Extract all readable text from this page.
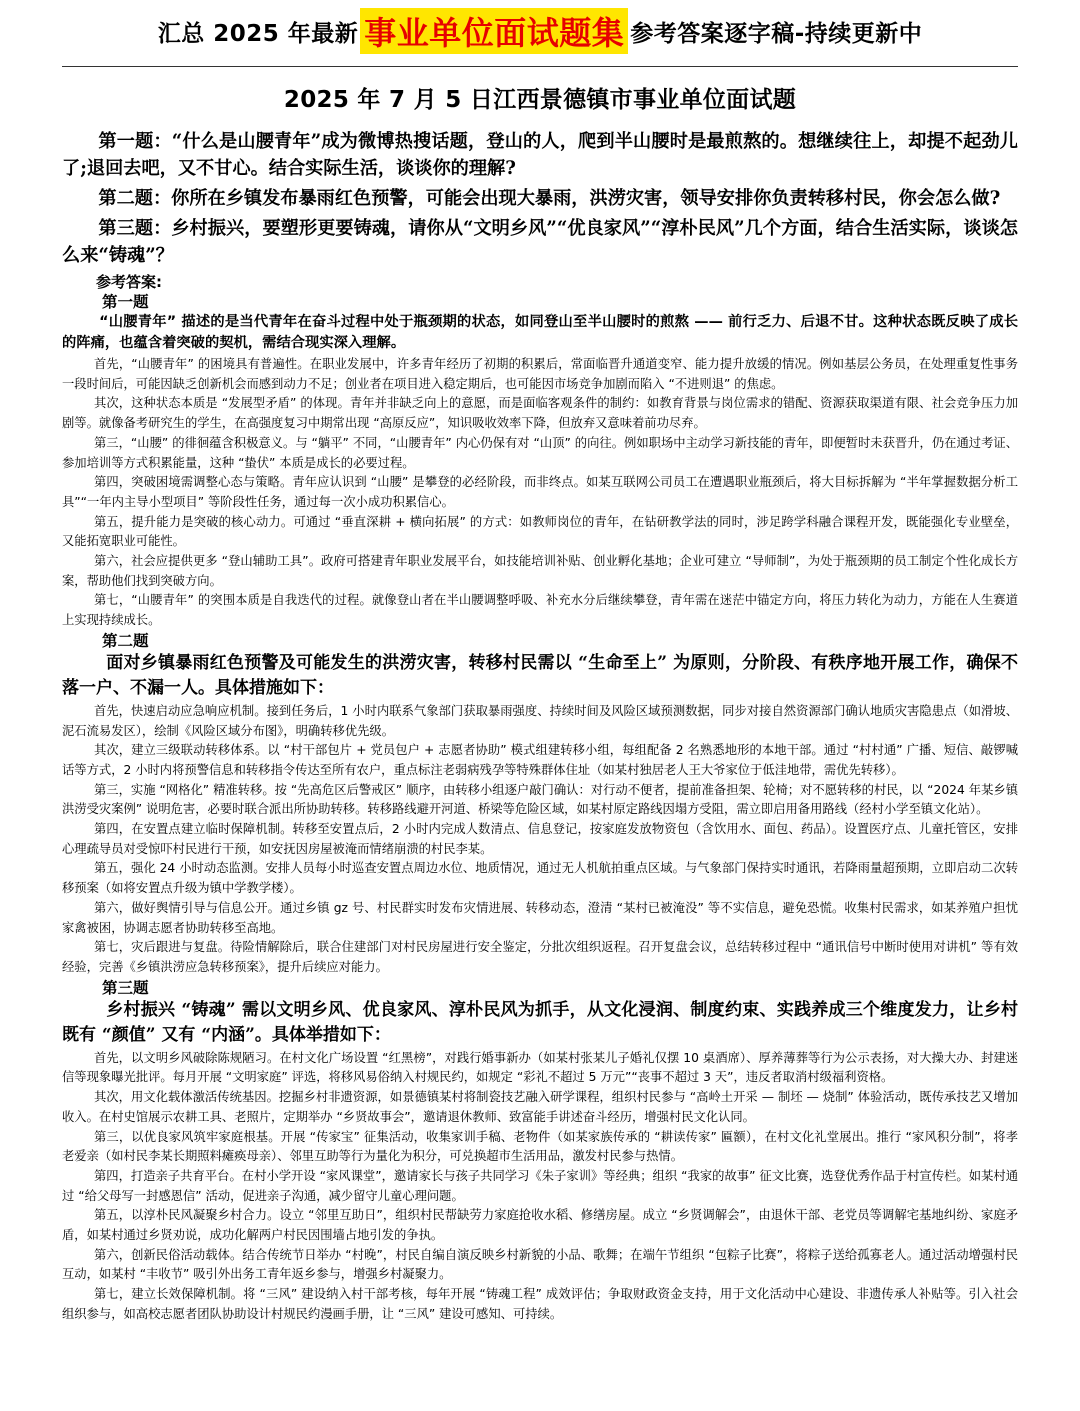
汇总 2025 年最新 事业单位面试题集 参考答案逐字稿-持续更新中
2025 年 7 月 5 日江西景德镇市事业单位面试题
第一题：“什么是山腰青年”成为微博热搜话题，登山的人，爬到半山腰时是最煎熬的。想继续往上，却提不起劲儿了;退回去吧，又不甘心。结合实际生活，谈谈你的理解?
第二题：你所在乡镇发布暴雨红色预警，可能会出现大暴雨，洪涝灾害，领导安排你负责转移村民，你会怎么做?
第三题：乡村振兴，要塑形更要铸魂，请你从“文明乡风”“优良家风”“淳朴民风”几个方面，结合生活实际，谈谈怎么来“铸魂”？
参考答案:
第一题
“山腰青年” 描述的是当代青年在奋斗过程中处于瓶颈期的状态，如同登山至半山腰时的煎熬 —— 前行乏力、后退不甘。这种状态既反映了成长的阵痛，也蕴含着突破的契机，需结合现实深入理解。

首先，“山腰青年” 的困境具有普遍性。在职业发展中，许多青年经历了初期的积累后，常面临晋升通道变窄、能力提升放缓的情况。例如基层公务员，在处理重复性事务一段时间后，可能因缺乏创新机会而感到动力不足；创业者在项目进入稳定期后，也可能因市场竞争加剧而陷入 “不进则退” 的焦虑。

其次，这种状态本质是 “发展型矛盾” 的体现。青年并非缺乏向上的意愿，而是面临客观条件的制约：如教育背景与岗位需求的错配、资源获取渠道有限、社会竞争压力加剧等。就像备考研究生的学生，在高强度复习中期常出现 “高原反应”，知识吸收效率下降，但放弃又意味着前功尽弃。

第三，“山腰” 的徘徊蕴含积极意义。与 “躺平” 不同，“山腰青年” 内心仍保有对 “山顶” 的向往。例如职场中主动学习新技能的青年，即便暂时未获晋升，仍在通过考证、参加培训等方式积累能量，这种 “蛰伏” 本质是成长的必要过程。

第四，突破困境需调整心态与策略。青年应认识到 “山腰” 是攀登的必经阶段，而非终点。如某互联网公司员工在遭遇职业瓶颈后，将大目标拆解为 “半年掌握数据分析工具”“一年内主导小型项目” 等阶段性任务，通过每一次小成功积累信心。

第五，提升能力是突破的核心动力。可通过 “垂直深耕 + 横向拓展” 的方式：如教师岗位的青年，在钻研教学法的同时，涉足跨学科融合课程开发，既能强化专业壁垒，又能拓宽职业可能性。

第六，社会应提供更多 “登山辅助工具”。政府可搭建青年职业发展平台，如技能培训补贴、创业孵化基地；企业可建立 “导师制”，为处于瓶颈期的员工制定个性化成长方案，帮助他们找到突破方向。

第七，“山腰青年” 的突围本质是自我迭代的过程。就像登山者在半山腰调整呼吸、补充水分后继续攀登，青年需在迷茫中锚定方向，将压力转化为动力，方能在人生赛道上实现持续成长。

第二题
面对乡镇暴雨红色预警及可能发生的洪涝灾害，转移村民需以 “生命至上” 为原则，分阶段、有秩序地开展工作，确保不落一户、不漏一人。具体措施如下：

首先，快速启动应急响应机制。接到任务后，1 小时内联系气象部门获取暴雨强度、持续时间及风险区域预测数据，同步对接自然资源部门确认地质灾害隐患点（如滑坡、泥石流易发区），绘制《风险区域分布图》，明确转移优先级。

其次，建立三级联动转移体系。以 “村干部包片 + 党员包户 + 志愿者协助” 模式组建转移小组，每组配备 2 名熟悉地形的本地干部。通过 “村村通” 广播、短信、敲锣喊话等方式，2 小时内将预警信息和转移指令传达至所有农户，重点标注老弱病残孕等特殊群体住址（如某村独居老人王大爷家位于低洼地带，需优先转移）。

第三，实施 “网格化” 精准转移。按 “先高危区后警戒区” 顺序，由转移小组逐户敲门确认：对行动不便者，提前准备担架、轮椅；对不愿转移的村民，以 “2024 年某乡镇洪涝受灾案例” 说明危害，必要时联合派出所协助转移。转移路线避开河道、桥梁等危险区域，如某村原定路线因塌方受阻，需立即启用备用路线（经村小学至镇文化站）。

第四，在安置点建立临时保障机制。转移至安置点后，2 小时内完成人数清点、信息登记，按家庭发放物资包（含饮用水、面包、药品）。设置医疗点、儿童托管区，安排心理疏导员对受惊吓村民进行干预，如安抚因房屋被淹而情绪崩溃的村民李某。

第五，强化 24 小时动态监测。安排人员每小时巡查安置点周边水位、地质情况，通过无人机航拍重点区域。与气象部门保持实时通讯，若降雨量超预期，立即启动二次转移预案（如将安置点升级为镇中学教学楼）。

第六，做好舆情引导与信息公开。通过乡镇 gz 号、村民群实时发布灾情进展、转移动态，澄清 “某村已被淹没” 等不实信息，避免恐慌。收集村民需求，如某养殖户担忧家禽被困，协调志愿者协助转移至高地。

第七，灾后跟进与复盘。待险情解除后，联合住建部门对村民房屋进行安全鉴定，分批次组织返程。召开复盘会议，总结转移过程中 “通讯信号中断时使用对讲机” 等有效经验，完善《乡镇洪涝应急转移预案》，提升后续应对能力。

第三题
乡村振兴 “铸魂” 需以文明乡风、优良家风、淳朴民风为抓手，从文化浸润、制度约束、实践养成三个维度发力，让乡村既有 “颜值” 又有 “内涵”。具体举措如下：

首先，以文明乡风破除陈规陋习。在村文化广场设置 “红黑榜”，对践行婚事新办（如某村张某儿子婚礼仅摆 10 桌酒席）、厚养薄葬等行为公示表扬，对大操大办、封建迷信等现象曝光批评。每月开展 “文明家庭” 评选，将移风易俗纳入村规民约，如规定 “彩礼不超过 5 万元”“丧事不超过 3 天”，违反者取消村级福利资格。

其次，用文化载体激活传统基因。挖掘乡村非遗资源，如景德镇某村将制瓷技艺融入研学课程，组织村民参与 “高岭土开采 — 制坯 — 烧制” 体验活动，既传承技艺又增加收入。在村史馆展示农耕工具、老照片，定期举办 “乡贤故事会”，邀请退休教师、致富能手讲述奋斗经历，增强村民文化认同。

第三，以优良家风筑牢家庭根基。开展 “传家宝” 征集活动，收集家训手稿、老物件（如某家族传承的 “耕读传家” 匾额），在村文化礼堂展出。推行 “家风积分制”，将孝老爱亲（如村民李某长期照料瘫痪母亲）、邻里互助等行为量化为积分，可兑换超市生活用品，激发村民参与热情。

第四，打造亲子共育平台。在村小学开设 “家风课堂”，邀请家长与孩子共同学习《朱子家训》等经典；组织 “我家的故事” 征文比赛，选登优秀作品于村宣传栏。如某村通过 “给父母写一封感恩信” 活动，促进亲子沟通，减少留守儿童心理问题。

第五，以淳朴民风凝聚乡村合力。设立 “邻里互助日”，组织村民帮缺劳力家庭抢收水稻、修缮房屋。成立 “乡贤调解会”，由退休干部、老党员等调解宅基地纠纷、家庭矛盾，如某村通过乡贤劝说，成功化解两户村民因围墙占地引发的争执。

第六，创新民俗活动载体。结合传统节日举办 “村晚”，村民自编自演反映乡村新貌的小品、歌舞；在端午节组织 “包粽子比赛”，将粽子送给孤寡老人。通过活动增强村民互动，如某村 “丰收节” 吸引外出务工青年返乡参与，增强乡村凝聚力。

第七，建立长效保障机制。将 “三风” 建设纳入村干部考核，每年开展 “铸魂工程” 成效评估；争取财政资金支持，用于文化活动中心建设、非遗传承人补贴等。引入社会组织参与，如高校志愿者团队协助设计村规民约漫画手册，让 “三风” 建设可感知、可持续。
